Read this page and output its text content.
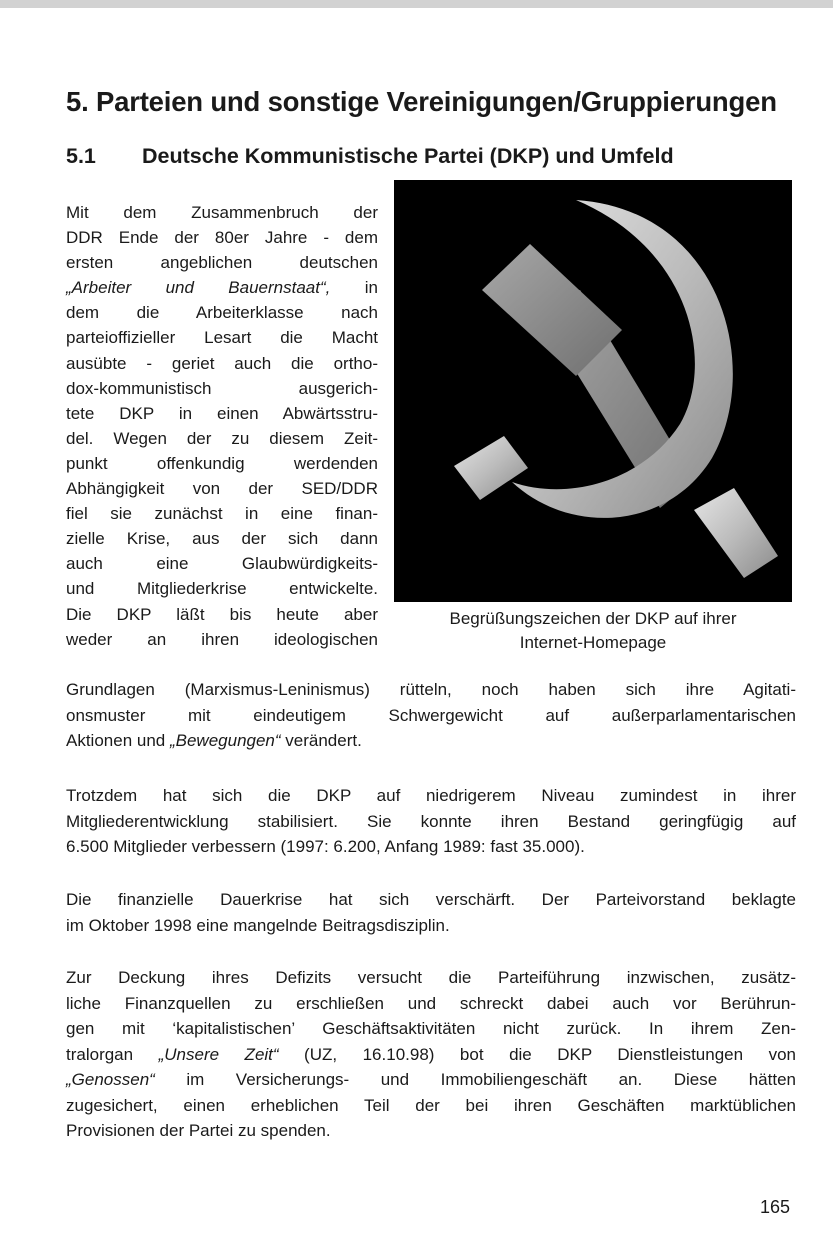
5. Parteien und sonstige Vereinigungen/Gruppierungen
5.1 Deutsche Kommunistische Partei (DKP) und Umfeld
Begrüßungszeichen der DKP auf ihrer
Internet-Homepage
Mit dem Zusammenbruch der
DDR Ende der 80er Jahre - dem
ersten angeblichen deutschen
„Arbeiter und Bauernstaat“, in
dem die Arbeiterklasse nach
parteioffizieller Lesart die Macht
ausübte - geriet auch die ortho-
dox-kommunistisch ausgerich-
tete DKP in einen Abwärtsstru-
del. Wegen der zu diesem Zeit-
punkt offenkundig werdenden
Abhängigkeit von der SED/DDR
fiel sie zunächst in eine finan-
zielle Krise, aus der sich dann
auch eine Glaubwürdigkeits-
und Mitgliederkrise entwickelte.
Die DKP läßt bis heute aber
weder an ihren ideologischen
Grundlagen (Marxismus-Leninismus) rütteln, noch haben sich ihre Agitati-
onsmuster mit eindeutigem Schwergewicht auf außerparlamentarischen
Aktionen und „Bewegungen“ verändert.
Trotzdem hat sich die DKP auf niedrigerem Niveau zumindest in ihrer
Mitgliederentwicklung stabilisiert. Sie konnte ihren Bestand geringfügig auf
6.500 Mitglieder verbessern (1997: 6.200, Anfang 1989: fast 35.000).
Die finanzielle Dauerkrise hat sich verschärft. Der Parteivorstand beklagte
im Oktober 1998 eine mangelnde Beitragsdisziplin.
Zur Deckung ihres Defizits versucht die Parteiführung inzwischen, zusätz-
liche Finanzquellen zu erschließen und schreckt dabei auch vor Berührun-
gen mit ‘kapitalistischen’ Geschäftsaktivitäten nicht zurück. In ihrem Zen-
tralorgan „Unsere Zeit“ (UZ, 16.10.98) bot die DKP Dienstleistungen von
„Genossen“ im Versicherungs- und Immobiliengeschäft an. Diese hätten
zugesichert, einen erheblichen Teil der bei ihren Geschäften marktüblichen
Provisionen der Partei zu spenden.
165
